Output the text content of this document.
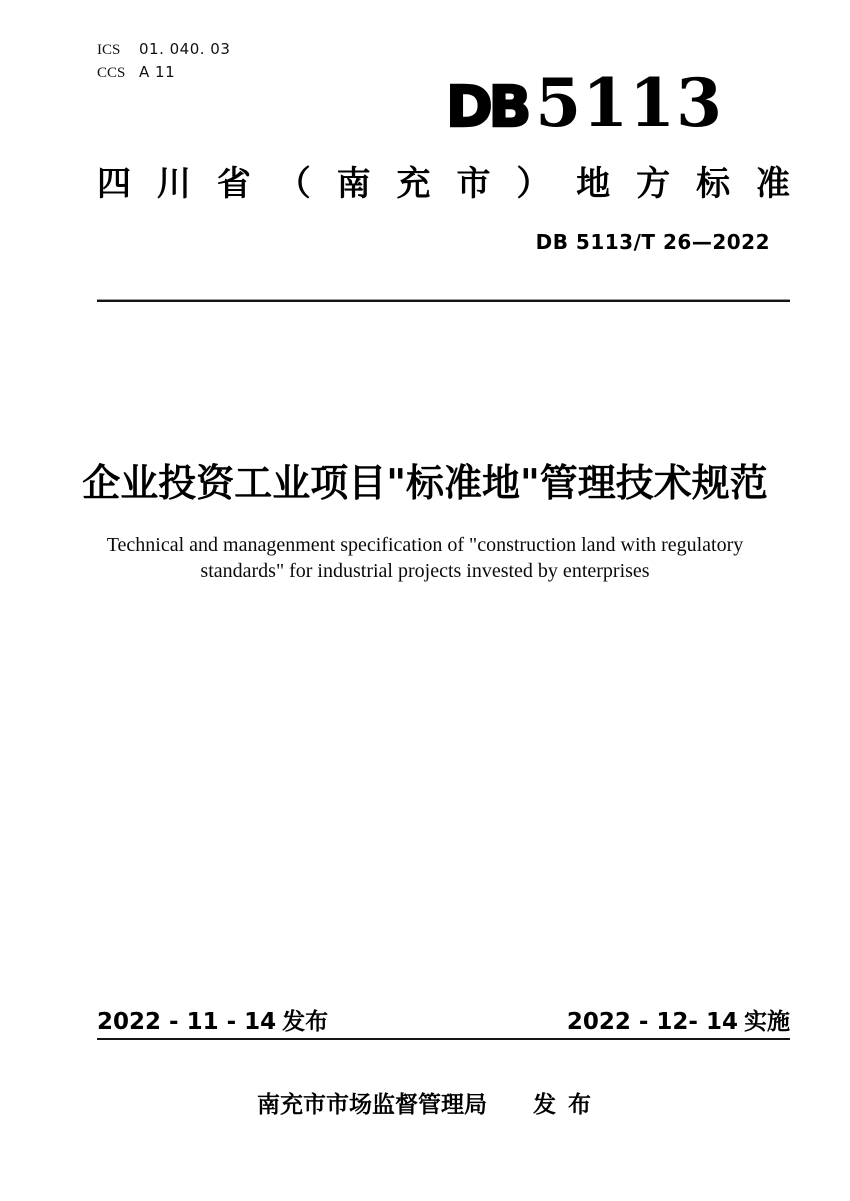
ICS 01. 040. 03
CCS A 11
DB 5113
四川省（南充市）地方标准
DB 5113/T 26—2022
企业投资工业项目"标准地"管理技术规范
Technical and managenment specification of "construction land with regulatory
standards" for industrial projects invested by enterprises
2022 - 11 - 14 发布	2022 - 12- 14 实施
南充市市场监督管理局 发 布
